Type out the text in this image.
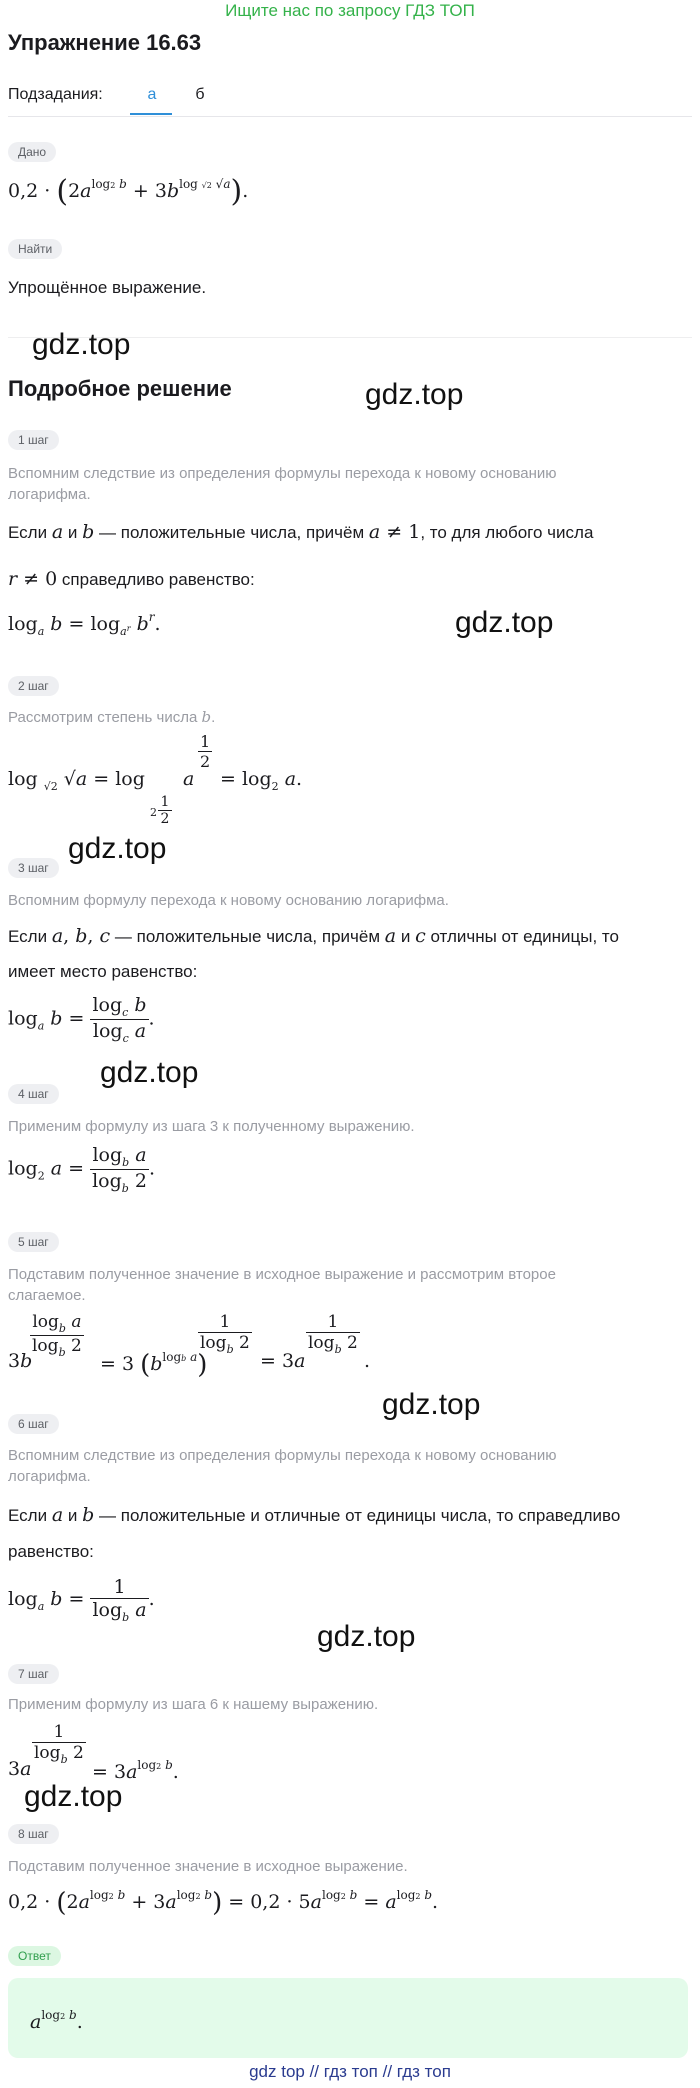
Ищите нас по запросу ГДЗ ТОП
Упражнение 16.63
Подзадания:	а	б
Дано
$0,2 \cdot (2a^{log2 b} + 3b^{log √2 √a})$.
Найти
Упрощённое выражение.
gdz.top
Подробное решение	gdz.top
1 шаг
Вспомним следствие из определения формулы перехода к новому основанию логарифма.
Если a и b — положительные числа, причём a ≠ 1, то для любого числа
r ≠ 0 справедливо равенство:
$\log_a b = \log_{a^r} b^r$.	gdz.top
2 шаг
Рассмотрим степень числа b.
log $_{√2}$ √a = log
$2 \frac{1}{2}$
a
$\frac{1}{2}$
= $\log_2 a$.
gdz.top
3 шаг
Вспомним формулу перехода к новому основанию логарифма.
Если a, b, c — положительные числа, причём a и c отличны от единицы, то
имеет место равенство:
$\log_a b = \frac{\log_c b}{\log_c a}$ .
gdz.top
4 шаг
Применим формулу из шага 3 к полученному выражению.
$\log_2 a = \frac{\log_b a}{\log_b 2}$ .
5 шаг
Подставим полученное значение в исходное выражение и рассмотрим второе слагаемое.
3b
$\frac{\log_b a}{\log_b 2}$
= 3 $(b^{logb a})$
$\frac{1}{\log_b 2}$
= 3a
$\frac{1}{\log_b 2}$
.
gdz.top
6 шаг
Вспомним следствие из определения формулы перехода к новому основанию логарифма.
Если a и b — положительные и отличные от единицы числа, то справедливо
равенство:
$\log_a b = \frac{1}{\log_b a}$ .
gdz.top
7 шаг
Применим формулу из шага 6 к нашему выражению.
3a
$\frac{1}{\log_b 2}$
= $3a^{log2 b}$.
gdz.top
8 шаг
Подставим полученное значение в исходное выражение.
$0,2 \cdot (2a^{log2 b} + 3a^{log2 b}) = 0,2 \cdot 5a^{log2 b} = a^{log2 b}$.
Ответ
$a^{log2 b}$.
gdz top // гдз топ // гдз топ
